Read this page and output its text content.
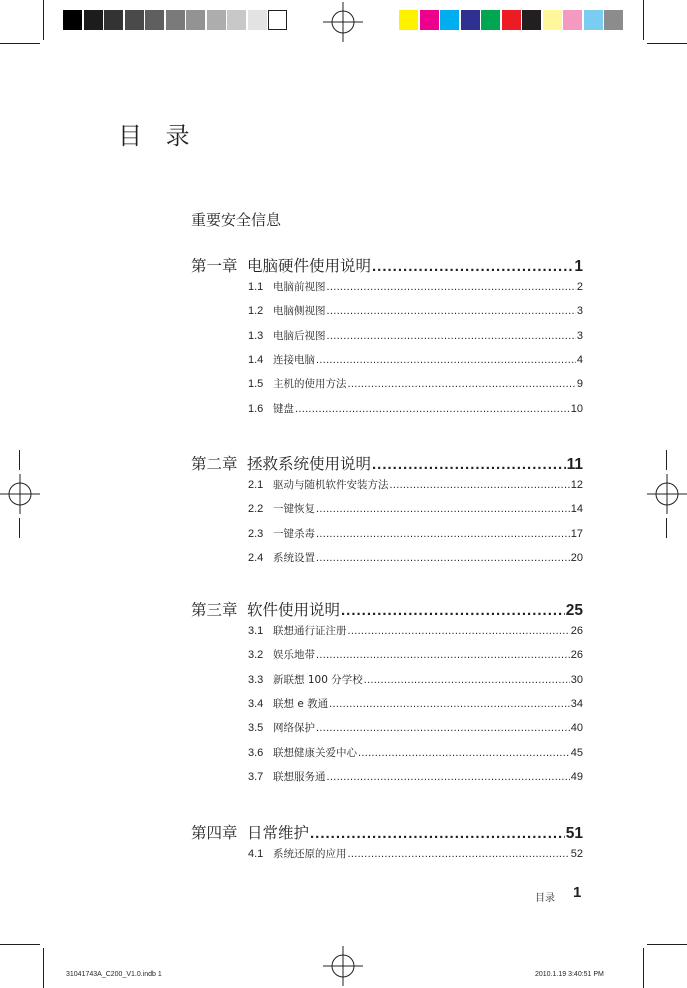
目 录
重要安全信息
第一章 电脑硬件使用说明 .....	1
1.1 电脑前视图 .....	2
1.2 电脑侧视图 .....	3
1.3 电脑后视图 .....	3
1.4 连接电脑 .....	4
1.5 主机的使用方法 .....	9
1.6 键盘 .....	10
第二章 拯救系统使用说明 .....	11
2.1 驱动与随机软件安装方法 .....	12
2.2 一键恢复 .....	14
2.3 一键杀毒 .....	17
2.4 系统设置 .....	20
第三章 软件使用说明 .....	25
3.1 联想通行证注册 .....	26
3.2 娱乐地带 .....	26
3.3 新联想 100 分学校 .....	30
3.4 联想 e 教通 .....	34
3.5 网络保护 .....	40
3.6 联想健康关爱中心 .....	45
3.7 联想服务通 .....	49
第四章 日常维护 .....	51
4.1 系统还原的应用 .....	52
目录 1
31041743A_C200_V1.0.indb 1	2010.1.19 3:40:51 PM
